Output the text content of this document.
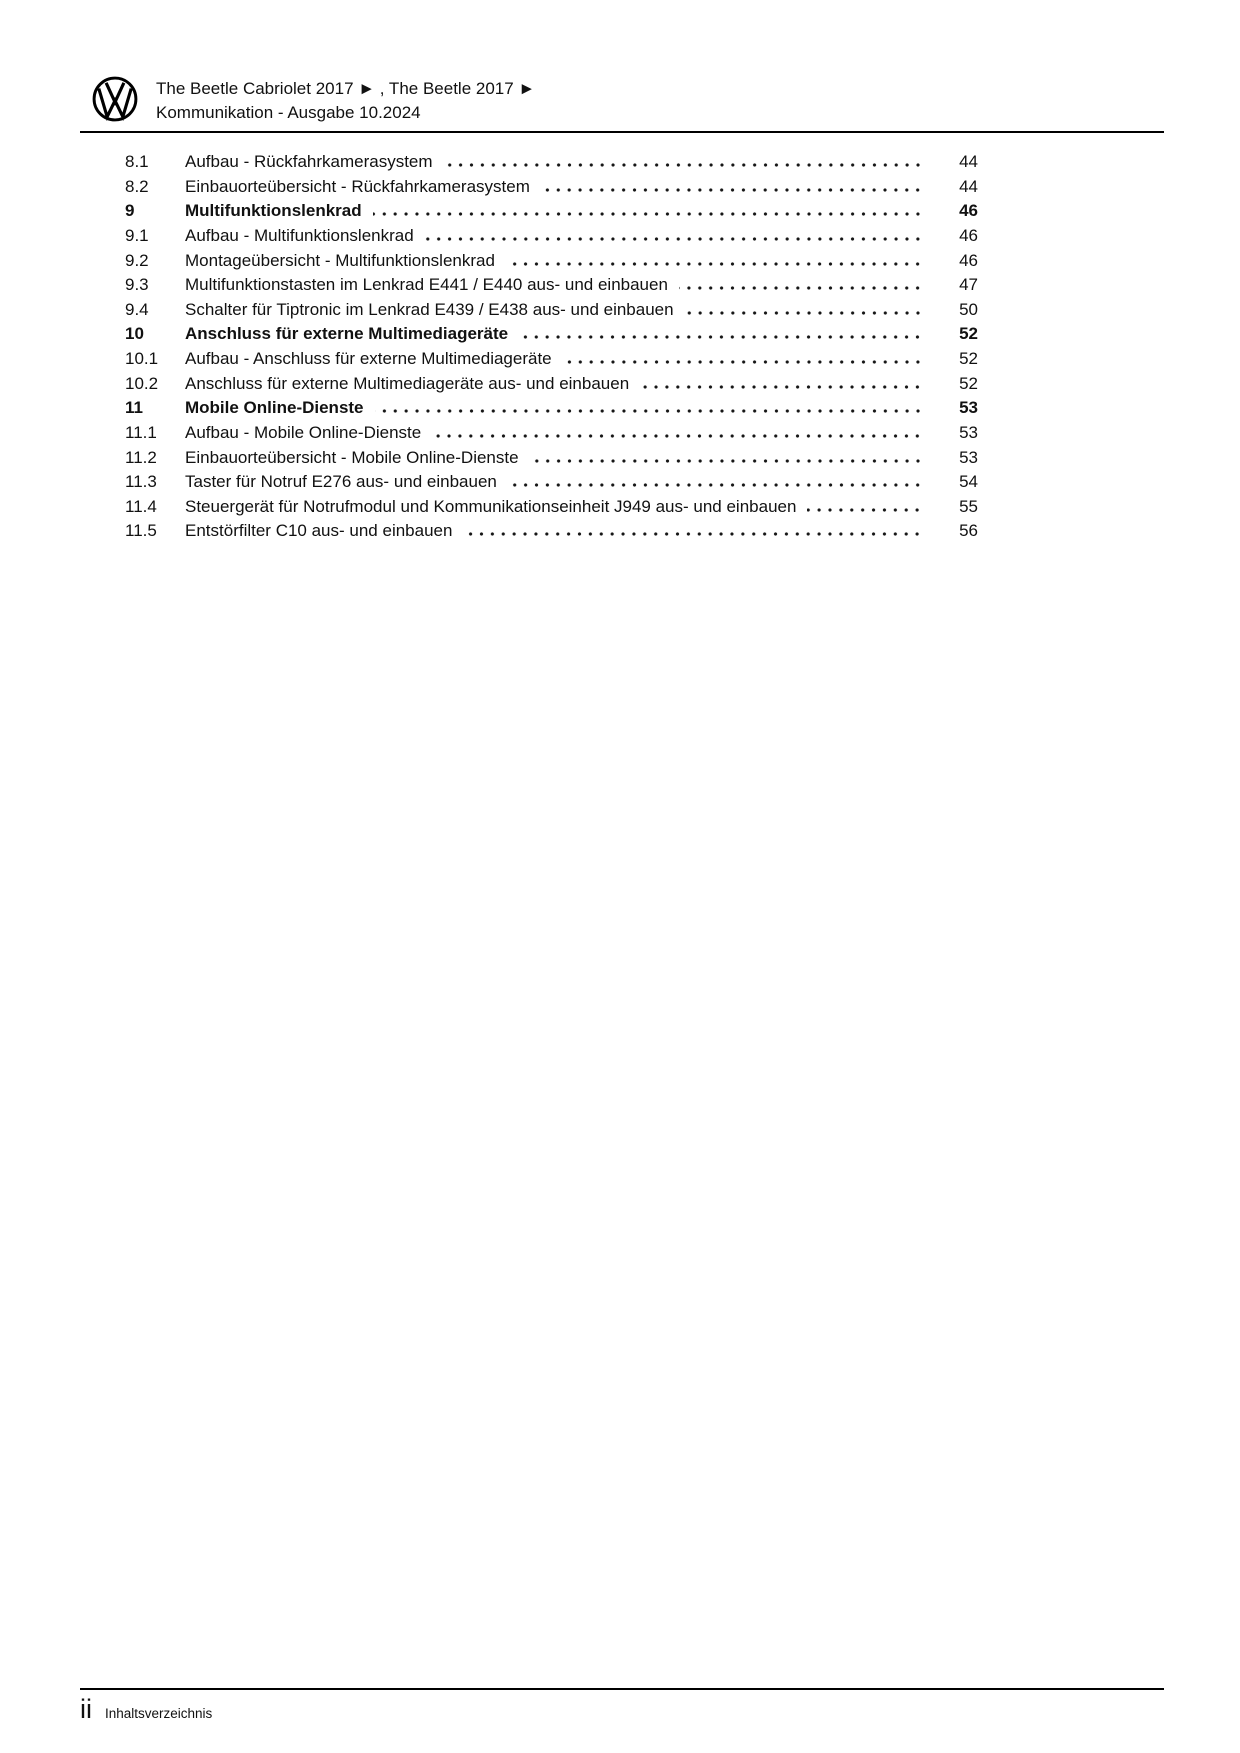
The Beetle Cabriolet 2017 ► , The Beetle 2017 ►
Kommunikation - Ausgabe 10.2024
8.1	Aufbau - Rückfahrkamerasystem	44
8.2	Einbauorteübersicht - Rückfahrkamerasystem	44
9	Multifunktionslenkrad	46
9.1	Aufbau - Multifunktionslenkrad	46
9.2	Montageübersicht - Multifunktionslenkrad	46
9.3	Multifunktionstasten im Lenkrad E441 / E440 aus- und einbauen	47
9.4	Schalter für Tiptronic im Lenkrad E439 / E438 aus- und einbauen	50
10	Anschluss für externe Multimediageräte	52
10.1	Aufbau - Anschluss für externe Multimediageräte	52
10.2	Anschluss für externe Multimediageräte aus- und einbauen	52
11	Mobile Online-Dienste	53
11.1	Aufbau - Mobile Online-Dienste	53
11.2	Einbauorteübersicht - Mobile Online-Dienste	53
11.3	Taster für Notruf E276 aus- und einbauen	54
11.4	Steuergerät für Notrufmodul und Kommunikationseinheit J949 aus- und einbauen	55
11.5	Entstörfilter C10 aus- und einbauen	56
ii Inhaltsverzeichnis
